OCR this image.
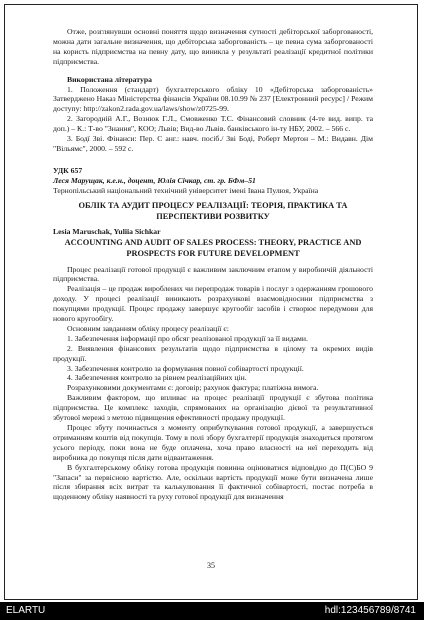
Отже, розглянувши основні поняття щодо визначення сутності дебіторської заборгованості, можна дати загальне визначення, що дебіторська заборгованість – це певна сума заборгованості на користь підприємства на певну дату, що виникла у результаті реалізації кредитної політики підприємства.

Використана література

1. Положення (стандарт) бухгалтерського обліку 10 «Дебіторська заборгованість» Затверджено Наказ Міністерства фінансів України 08.10.99 № 237 [Електронний ресурс] / Режим доступу: http://zakon2.rada.gov.ua/laws/show/z0725-99.

2. Загородній А.Г., Вознюк Г.Л., Смовженко Т.С. Фінансовий словник (4-те вид. випр. та доп.) – К.: Т-во "Знання", КОО; Львів; Вид-во Львів. банківського ін-ту НБУ, 2002. – 566 с.

3. Бодї Зві. Фінанси: Пер. С анг.: навч. посіб./ Зві Боді, Роберт Мертон – М.: Видавн. Дім "Вільямс", 2000. – 592 с.

УДК 657

Леся Марущак, к.е.н., доцент, Юлія Січкар, ст. гр. БФм–51

Тернопільський національний технічний університет імені Івана Пулюя, Україна

ОБЛІК ТА АУДИТ ПРОЦЕСУ РЕАЛІЗАЦІЇ: ТЕОРІЯ, ПРАКТИКА ТА ПЕРСПЕКТИВИ РОЗВИТКУ

Lesia Maruschak, Yuliia Sichkar

ACCOUNTING AND AUDIT OF SALES PROCESS: THEORY, PRACTICE AND PROSPECTS FOR FUTURE DEVELOPMENT

Процес реалізації готової продукції є важливим заключним етапом у виробничій діяльності підприємства.

Реалізація – це продаж вироблених чи перепродаж товарів і послуг з одержанням грошового доходу. У процесі реалізації виникають розрахункові взаємовідносини підприємства з покупцями продукції. Процес продажу завершує кругообіг засобів і створює передумови для нового кругообігу.

Основним завданням обліку процесу реалізації є:

1. Забезпечення інформації про обсяг реалізованої продукції за її видами.

2. Виявлення фінансових результатів щодо підприємства в цілому та окремих видів продукції.

3. Забезпечення контролю за формування повної собівартості продукції.

4. Забезпечення контролю за рівнем реалізаційних цін.

Розрахунковими документами є: договір; рахунок фактура; платіжна вимога.

Важливим фактором, що впливає на процес реалізації продукції є збутова політика підприємства. Це комплекс заходів, спрямованих на організацію дієвої та результативної збутової мережі з метою підвищення ефективності продажу продукції.

Процес збуту починається з моменту оприбуткування готової продукції, а завершується отриманням коштів від покупців. Тому в полі збору бухгалтерії продукція знаходиться протягом усього періоду, поки вона не буде оплачена, хоча право власності на неї переходить від виробника до покупця після дати відвантаження.

В бухгалтерському обліку готова продукція повинна оцінюватися відповідно до П(С)БО 9 "Запаси" за первісною вартістю. Але, оскільки вартість продукції може бути визначена лише після збирання всіх витрат та калькулювання її фактичної собівартості, постає потреба в щоденному обліку наявності та руху готової продукції для визначення

35
ELARTU	hdl:123456789/8741
